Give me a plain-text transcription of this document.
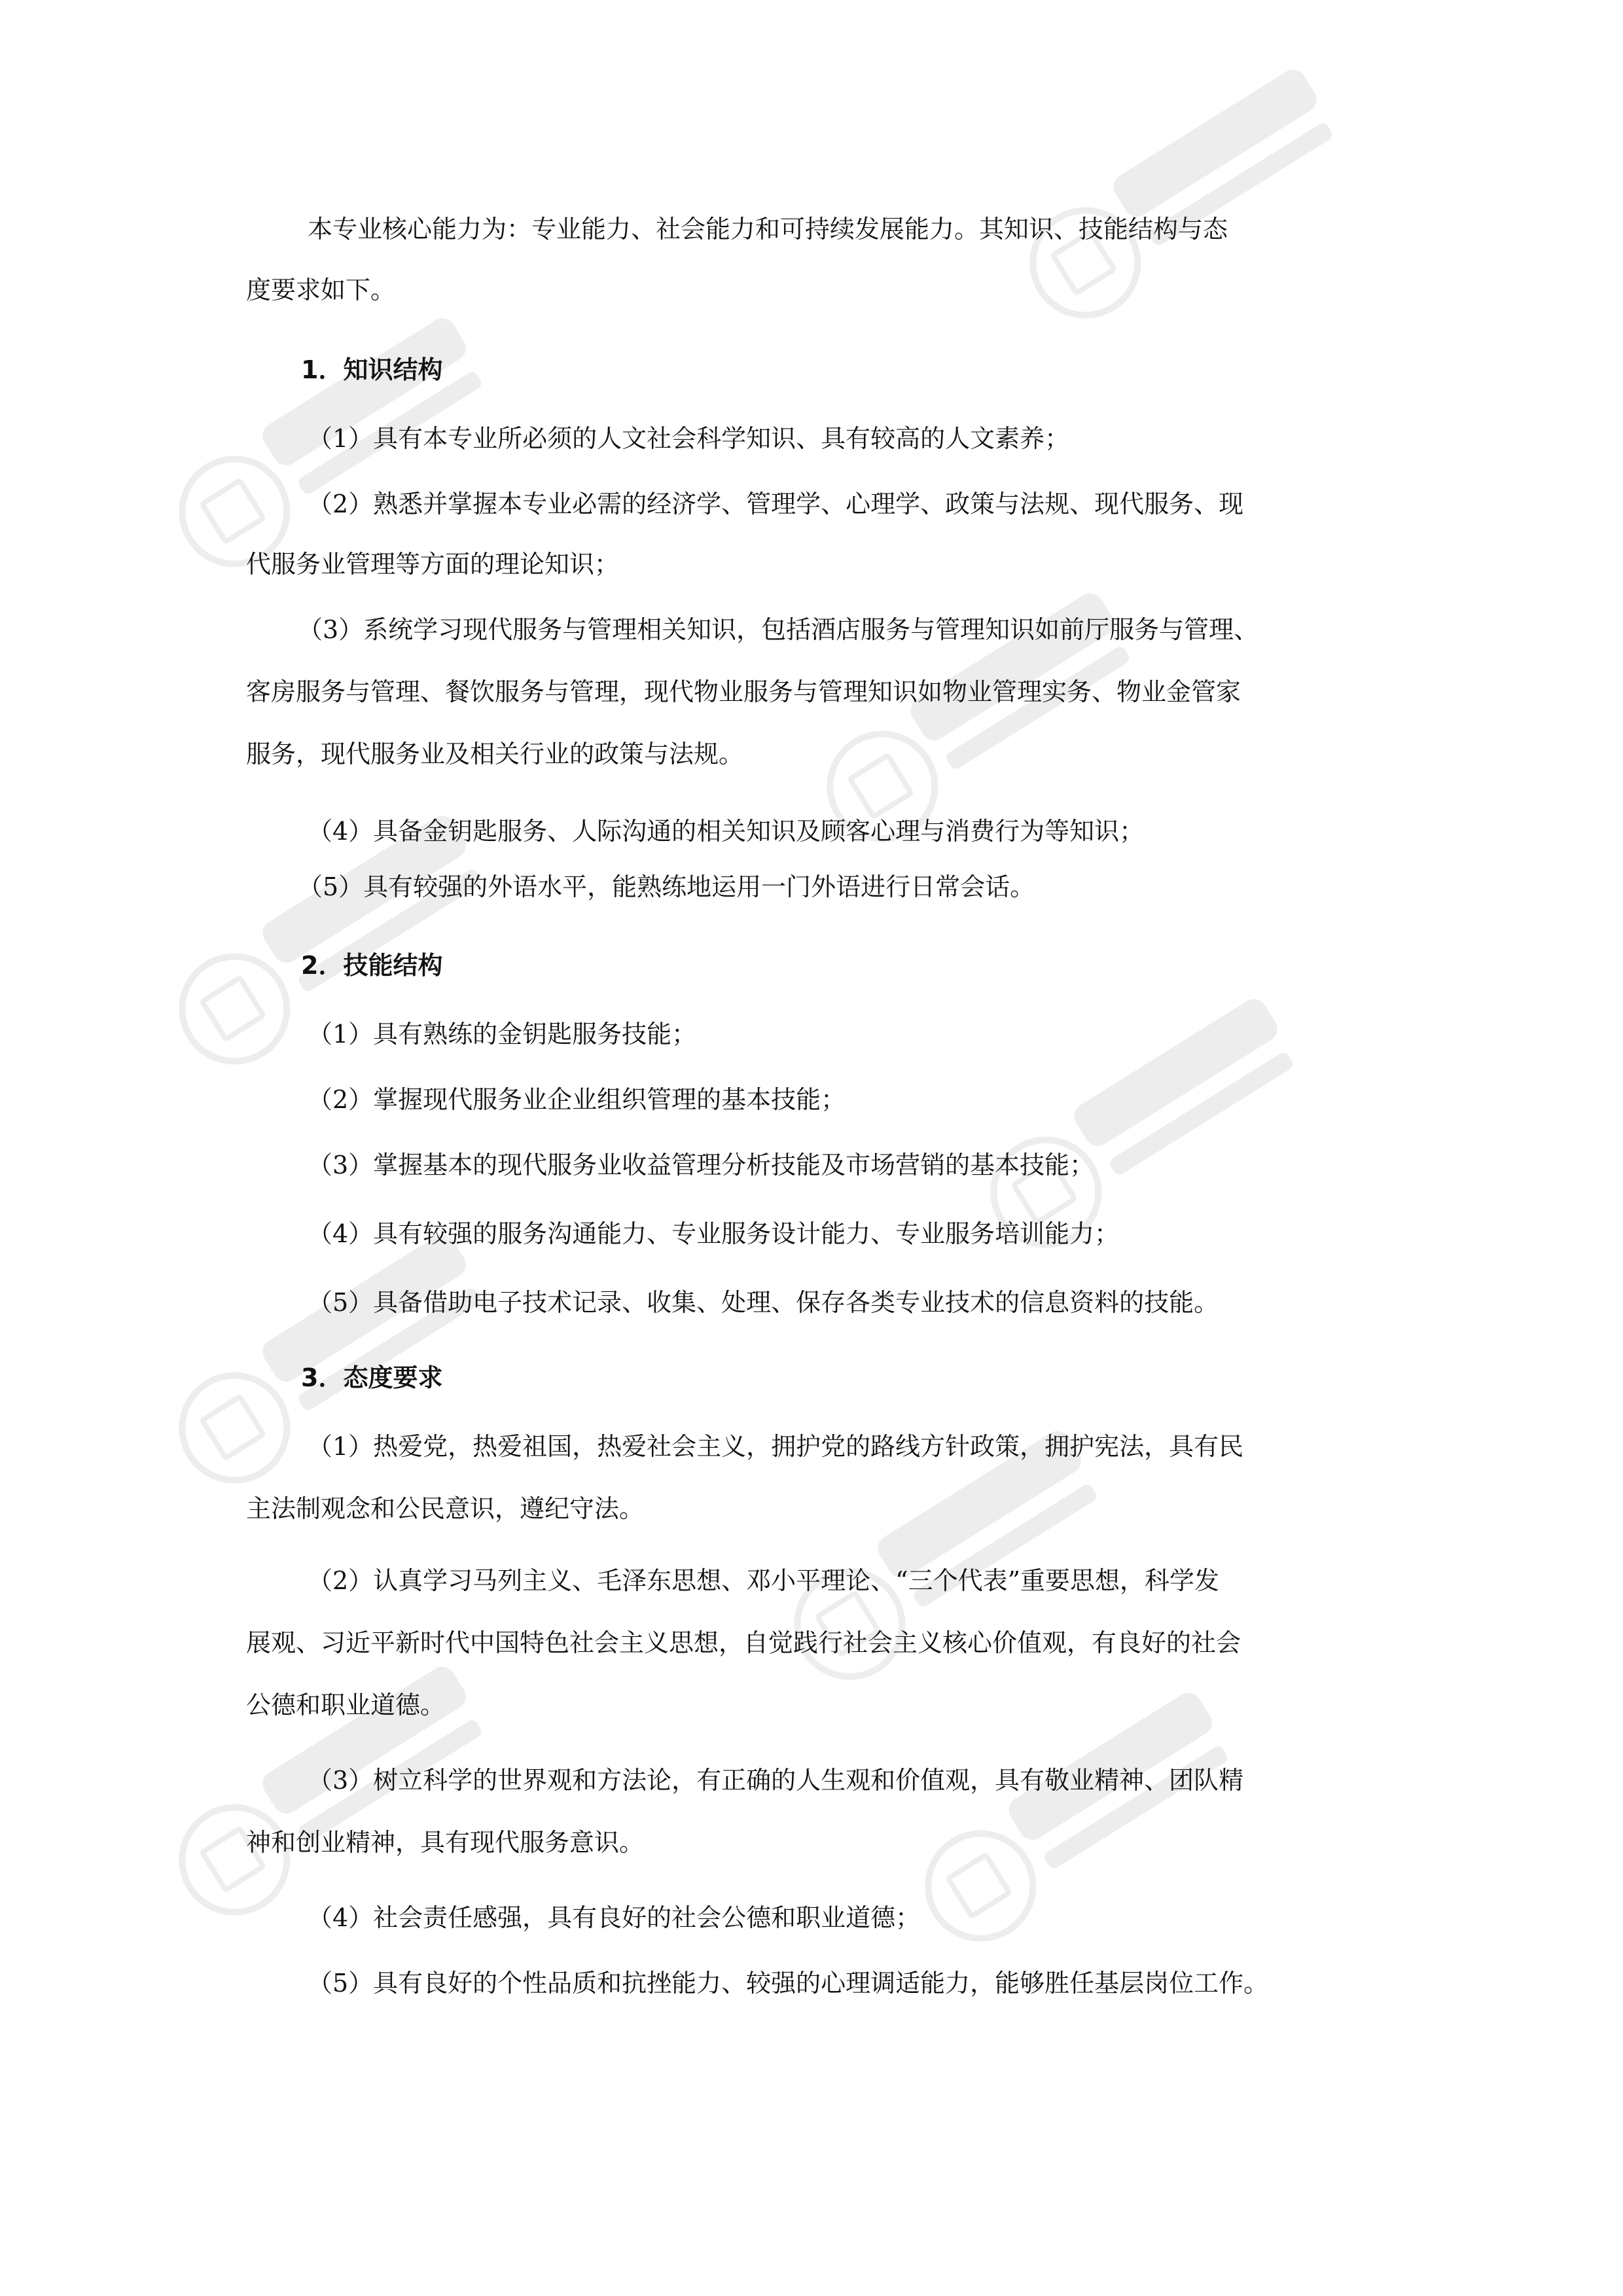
本专业核心能力为：专业能力、社会能力和可持续发展能力。其知识、技能结构与态

度要求如下。

1．知识结构

（1）具有本专业所必须的人文社会科学知识、具有较高的人文素养；

（2）熟悉并掌握本专业必需的经济学、管理学、心理学、政策与法规、现代服务、现

代服务业管理等方面的理论知识；

（3）系统学习现代服务与管理相关知识，包括酒店服务与管理知识如前厅服务与管理、

客房服务与管理、餐饮服务与管理，现代物业服务与管理知识如物业管理实务、物业金管家

服务，现代服务业及相关行业的政策与法规。

（4）具备金钥匙服务、人际沟通的相关知识及顾客心理与消费行为等知识；

（5）具有较强的外语水平，能熟练地运用一门外语进行日常会话。

2．技能结构

（1）具有熟练的金钥匙服务技能；

（2）掌握现代服务业企业组织管理的基本技能；

（3）掌握基本的现代服务业收益管理分析技能及市场营销的基本技能；

（4）具有较强的服务沟通能力、专业服务设计能力、专业服务培训能力；

（5）具备借助电子技术记录、收集、处理、保存各类专业技术的信息资料的技能。

3．态度要求

（1）热爱党，热爱祖国，热爱社会主义，拥护党的路线方针政策，拥护宪法，具有民

主法制观念和公民意识，遵纪守法。

（2）认真学习马列主义、毛泽东思想、邓小平理论、“三个代表”重要思想，科学发

展观、习近平新时代中国特色社会主义思想，自觉践行社会主义核心价值观，有良好的社会

公德和职业道德。

（3）树立科学的世界观和方法论，有正确的人生观和价值观，具有敬业精神、团队精

神和创业精神，具有现代服务意识。

（4）社会责任感强，具有良好的社会公德和职业道德；

（5）具有良好的个性品质和抗挫能力、较强的心理调适能力，能够胜任基层岗位工作。
